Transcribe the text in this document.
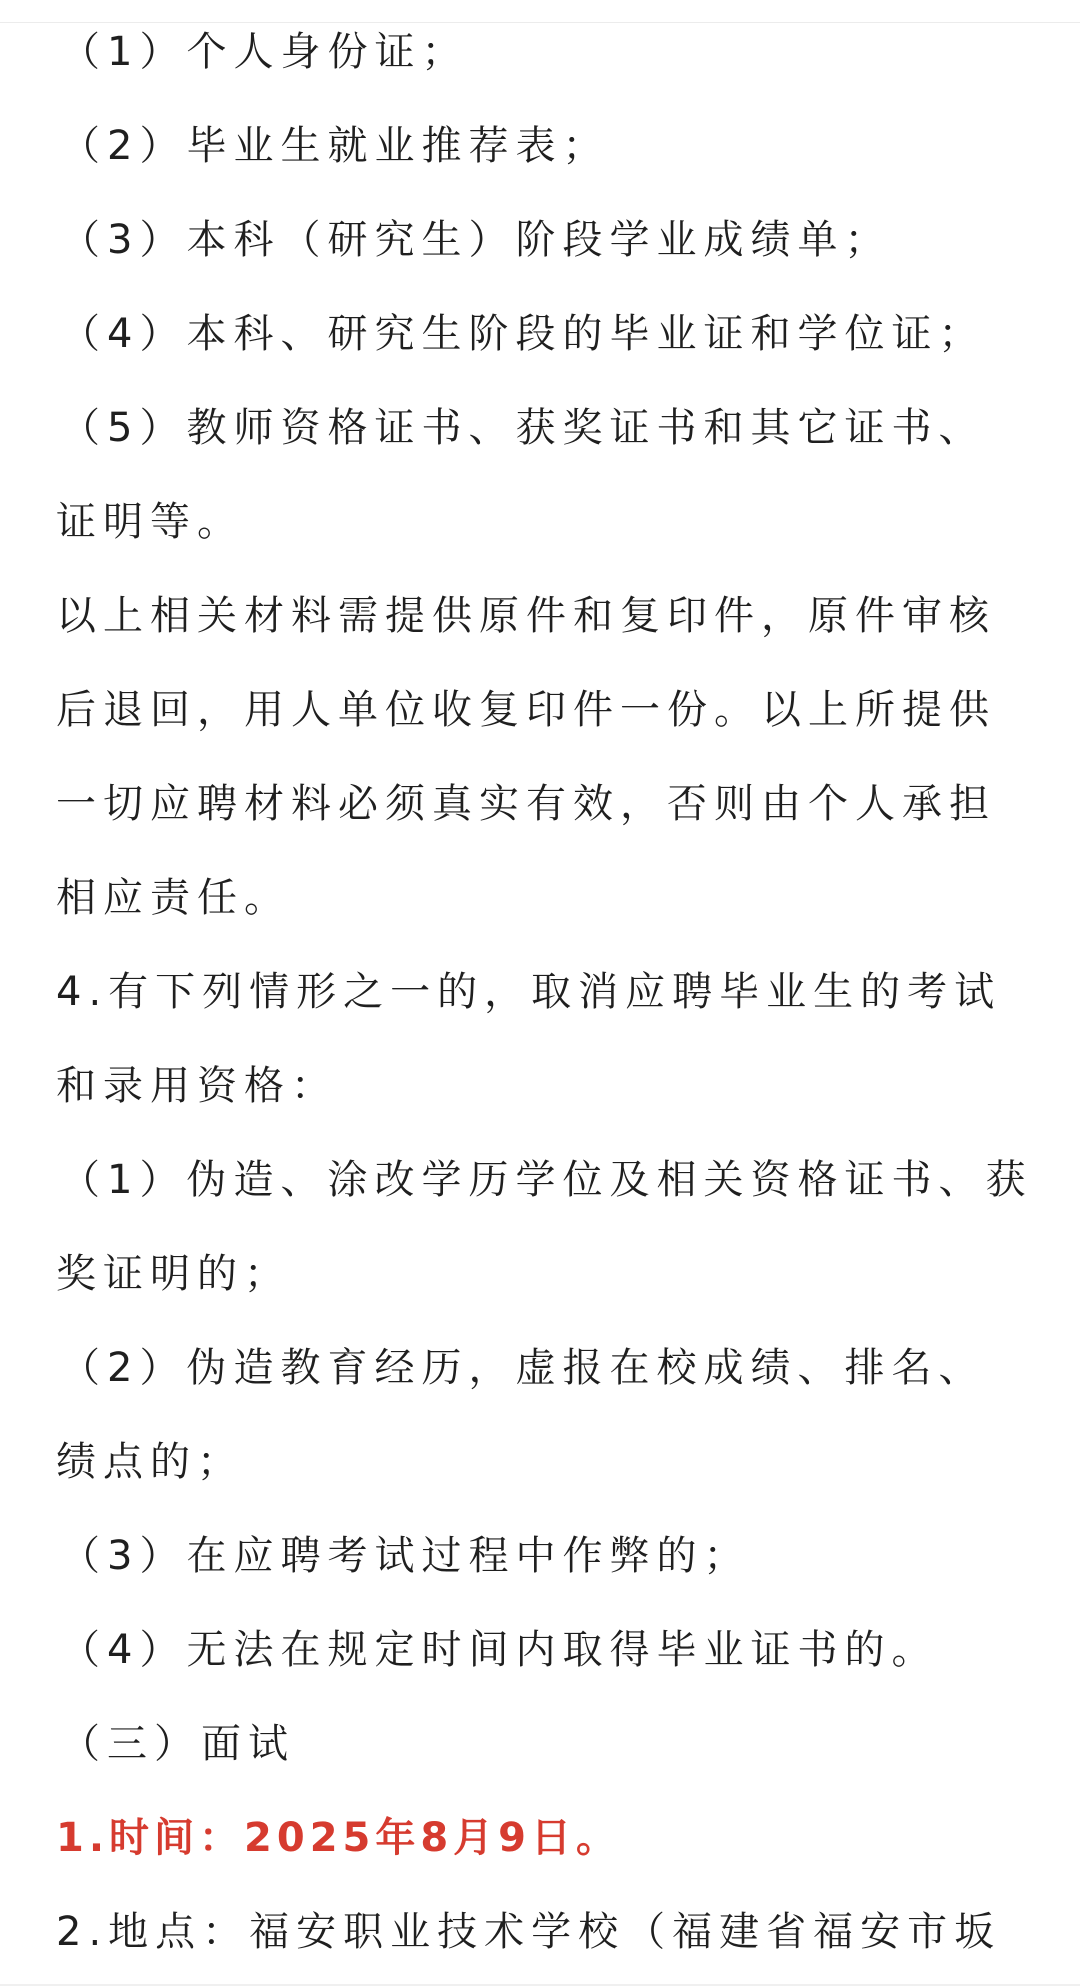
（1）个人身份证；
（2）毕业生就业推荐表；
（3）本科（研究生）阶段学业成绩单；
（4）本科、研究生阶段的毕业证和学位证；
（5）教师资格证书、获奖证书和其它证书、
证明等。
以上相关材料需提供原件和复印件，原件审核
后退回，用人单位收复印件一份。以上所提供
一切应聘材料必须真实有效，否则由个人承担
相应责任。
4.有下列情形之一的，取消应聘毕业生的考试
和录用资格：
（1）伪造、涂改学历学位及相关资格证书、获
奖证明的；
（2）伪造教育经历，虚报在校成绩、排名、
绩点的；
（3）在应聘考试过程中作弊的；
（4）无法在规定时间内取得毕业证书的。
（三）面试
1.时间：2025年8月9日。
2.地点：福安职业技术学校（福建省福安市坂
